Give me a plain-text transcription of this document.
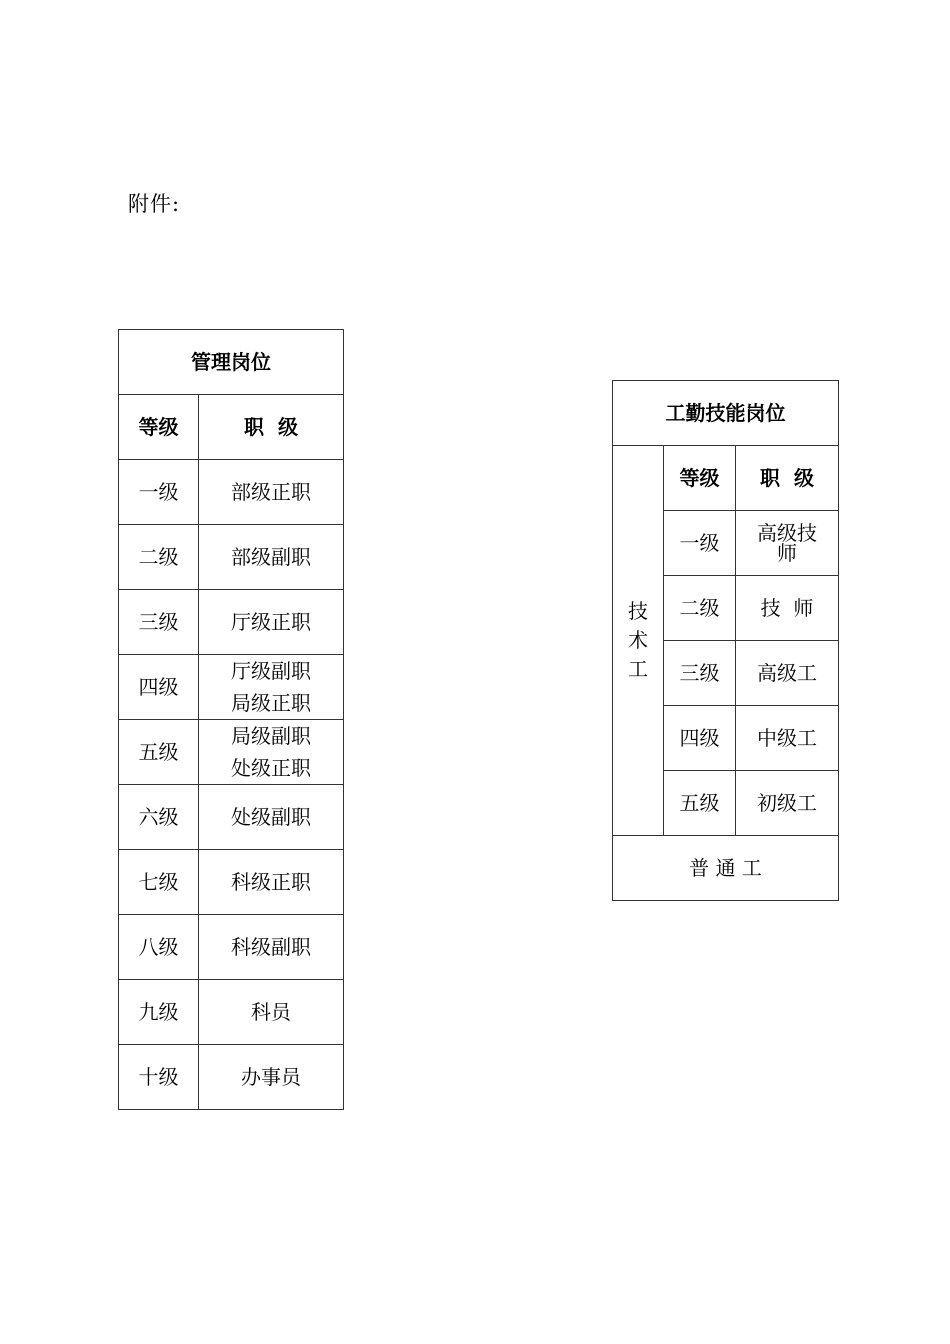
附件:
管理岗位	
等级	职  级
一级	部级正职

二级	部级副职

三级	厅级正职

四级	厅级副职
局级正职

五级	局级副职
处级正职

六级	处级副职

七级	科级正职

八级	科级副职

九级	科员

十级	办事员
工勤技能岗位		

技
术
工	等级	职  级
	一级	高级技
师

	二级	技  师

	三级	高级工

	四级	中级工

	五级	初级工

普 通 工		
